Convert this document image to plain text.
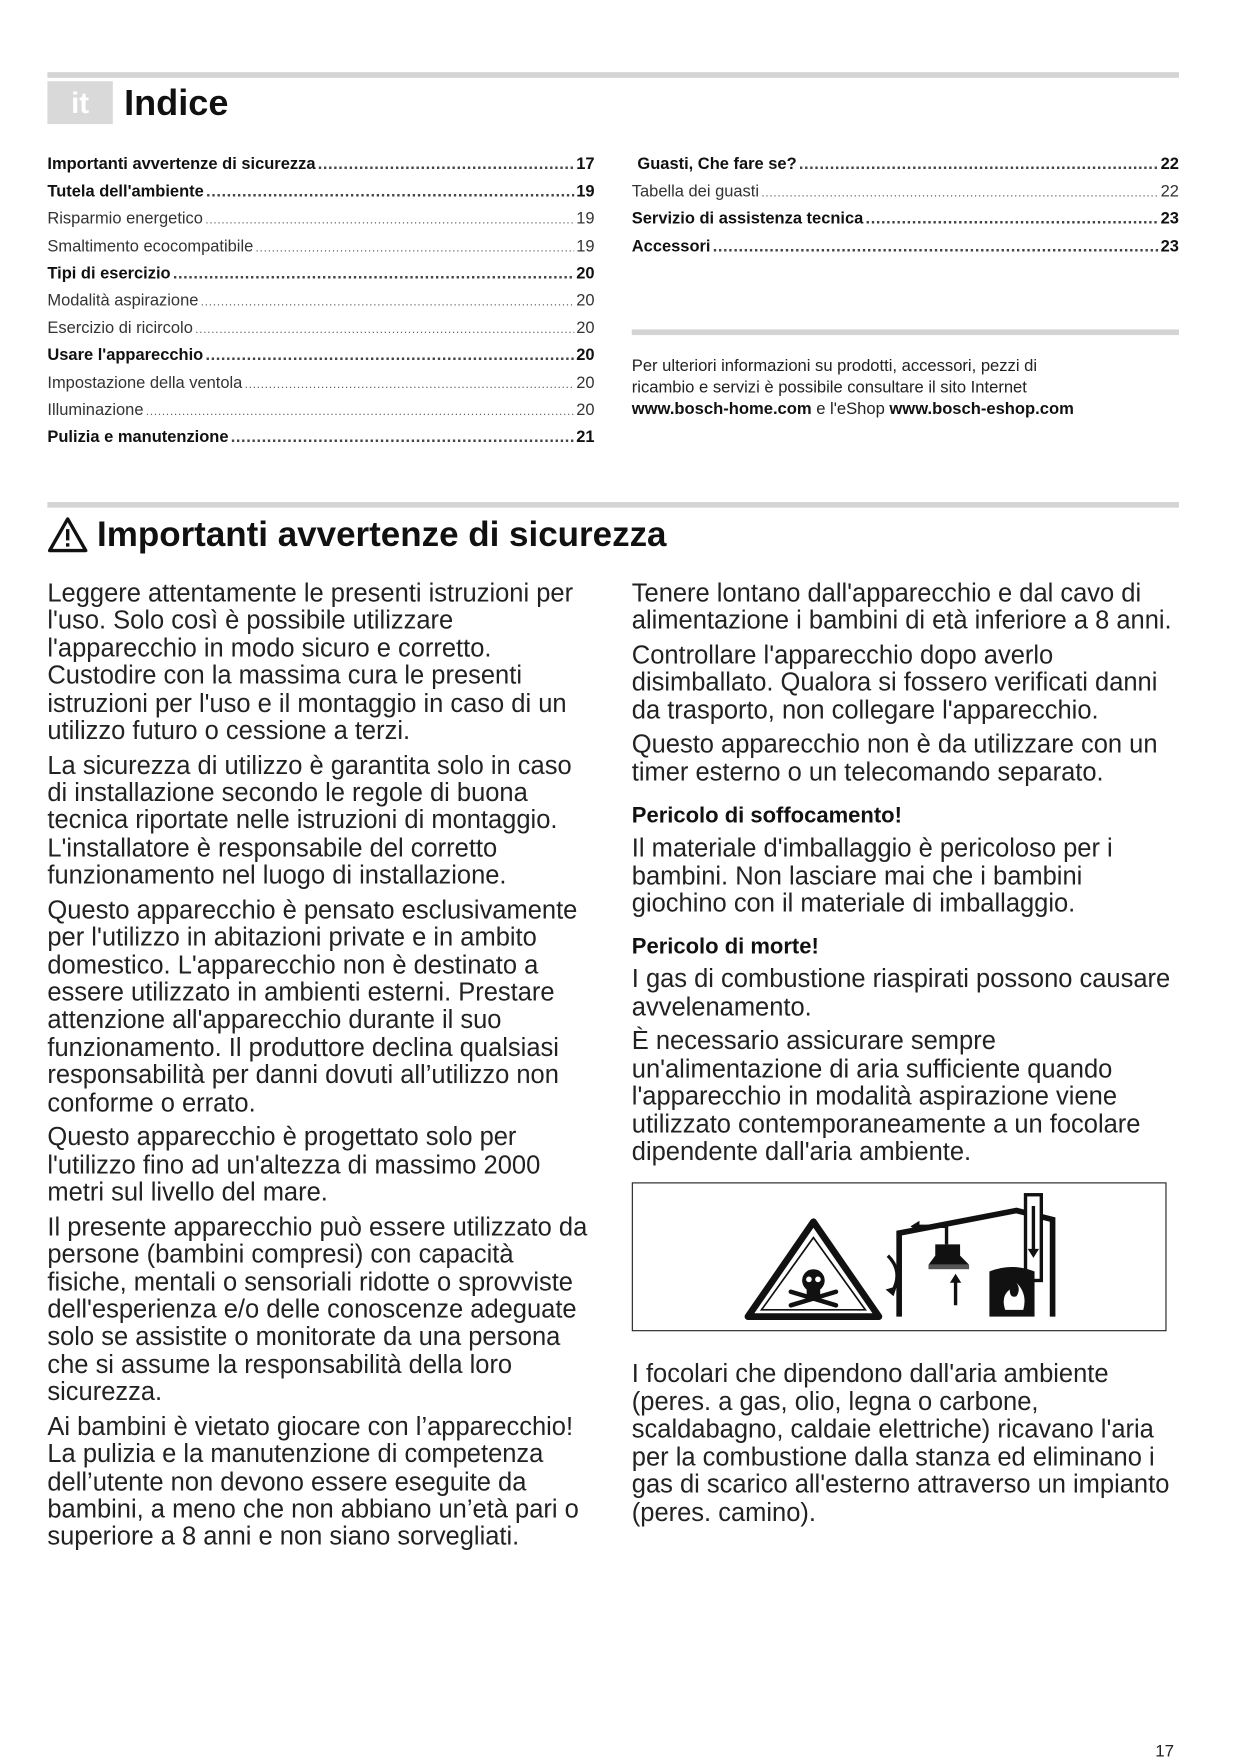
it	Indice
Importanti avvertenze di sicurezza .....	17
Tutela dell'ambiente .....	19
Risparmio energetico .....	19
Smaltimento ecocompatibile .....	19
Tipi di esercizio .....	20
Modalità aspirazione .....	20
Esercizio di ricircolo .....	20
Usare l'apparecchio .....	20
Impostazione della ventola .....	20
Illuminazione .....	20
Pulizia e manutenzione .....	21
Guasti, Che fare se? .....	22
Tabella dei guasti .....	22
Servizio di assistenza tecnica .....	23
Accessori .....	23
Per ulteriori informazioni su prodotti, accessori, pezzi di
ricambio e servizi è possibile consultare il sito Internet
www.bosch-home.com e l'eShop www.bosch-eshop.com
Importanti avvertenze di sicurezza

Leggere attentamente le presenti istruzioni per l'uso. Solo così è possibile utilizzare l'apparecchio in modo sicuro e corretto. Custodire con la massima cura le presenti istruzioni per l'uso e il montaggio in caso di un utilizzo futuro o cessione a terzi.

La sicurezza di utilizzo è garantita solo in caso di installazione secondo le regole di buona tecnica riportate nelle istruzioni di montaggio. L'installatore è responsabile del corretto funzionamento nel luogo di installazione.

Questo apparecchio è pensato esclusivamente per l'utilizzo in abitazioni private e in ambito domestico. L'apparecchio non è destinato a essere utilizzato in ambienti esterni. Prestare attenzione all'apparecchio durante il suo funzionamento. Il produttore declina qualsiasi responsabilità per danni dovuti all’utilizzo non conforme o errato.

Questo apparecchio è progettato solo per l'utilizzo fino ad un'altezza di massimo 2000 metri sul livello del mare.

Il presente apparecchio può essere utilizzato da persone (bambini compresi) con capacità fisiche, mentali o sensoriali ridotte o sprovviste dell'esperienza e/o delle conoscenze adeguate solo se assistite o monitorate da una persona che si assume la responsabilità della loro sicurezza.

Ai bambini è vietato giocare con l’apparecchio! La pulizia e la manutenzione di competenza dell’utente non devono essere eseguite da bambini, a meno che non abbiano un’età pari o superiore a 8 anni e non siano sorvegliati.

Tenere lontano dall'apparecchio e dal cavo di alimentazione i bambini di età inferiore a 8 anni.

Controllare l'apparecchio dopo averlo disimballato. Qualora si fossero verificati danni da trasporto, non collegare l'apparecchio.

Questo apparecchio non è da utilizzare con un timer esterno o un telecomando separato.

Pericolo di soffocamento!

Il materiale d'imballaggio è pericoloso per i bambini. Non lasciare mai che i bambini giochino con il materiale di imballaggio.

Pericolo di morte!

I gas di combustione riaspirati possono causare avvelenamento.

È necessario assicurare sempre un'alimentazione di aria sufficiente quando l'apparecchio in modalità aspirazione viene utilizzato contemporaneamente a un focolare dipendente dall'aria ambiente.

I focolari che dipendono dall'aria ambiente (peres. a gas, olio, legna o carbone, scaldabagno, caldaie elettriche) ricavano l'aria per la combustione dalla stanza ed eliminano i gas di scarico all'esterno attraverso un impianto (peres. camino).

17
